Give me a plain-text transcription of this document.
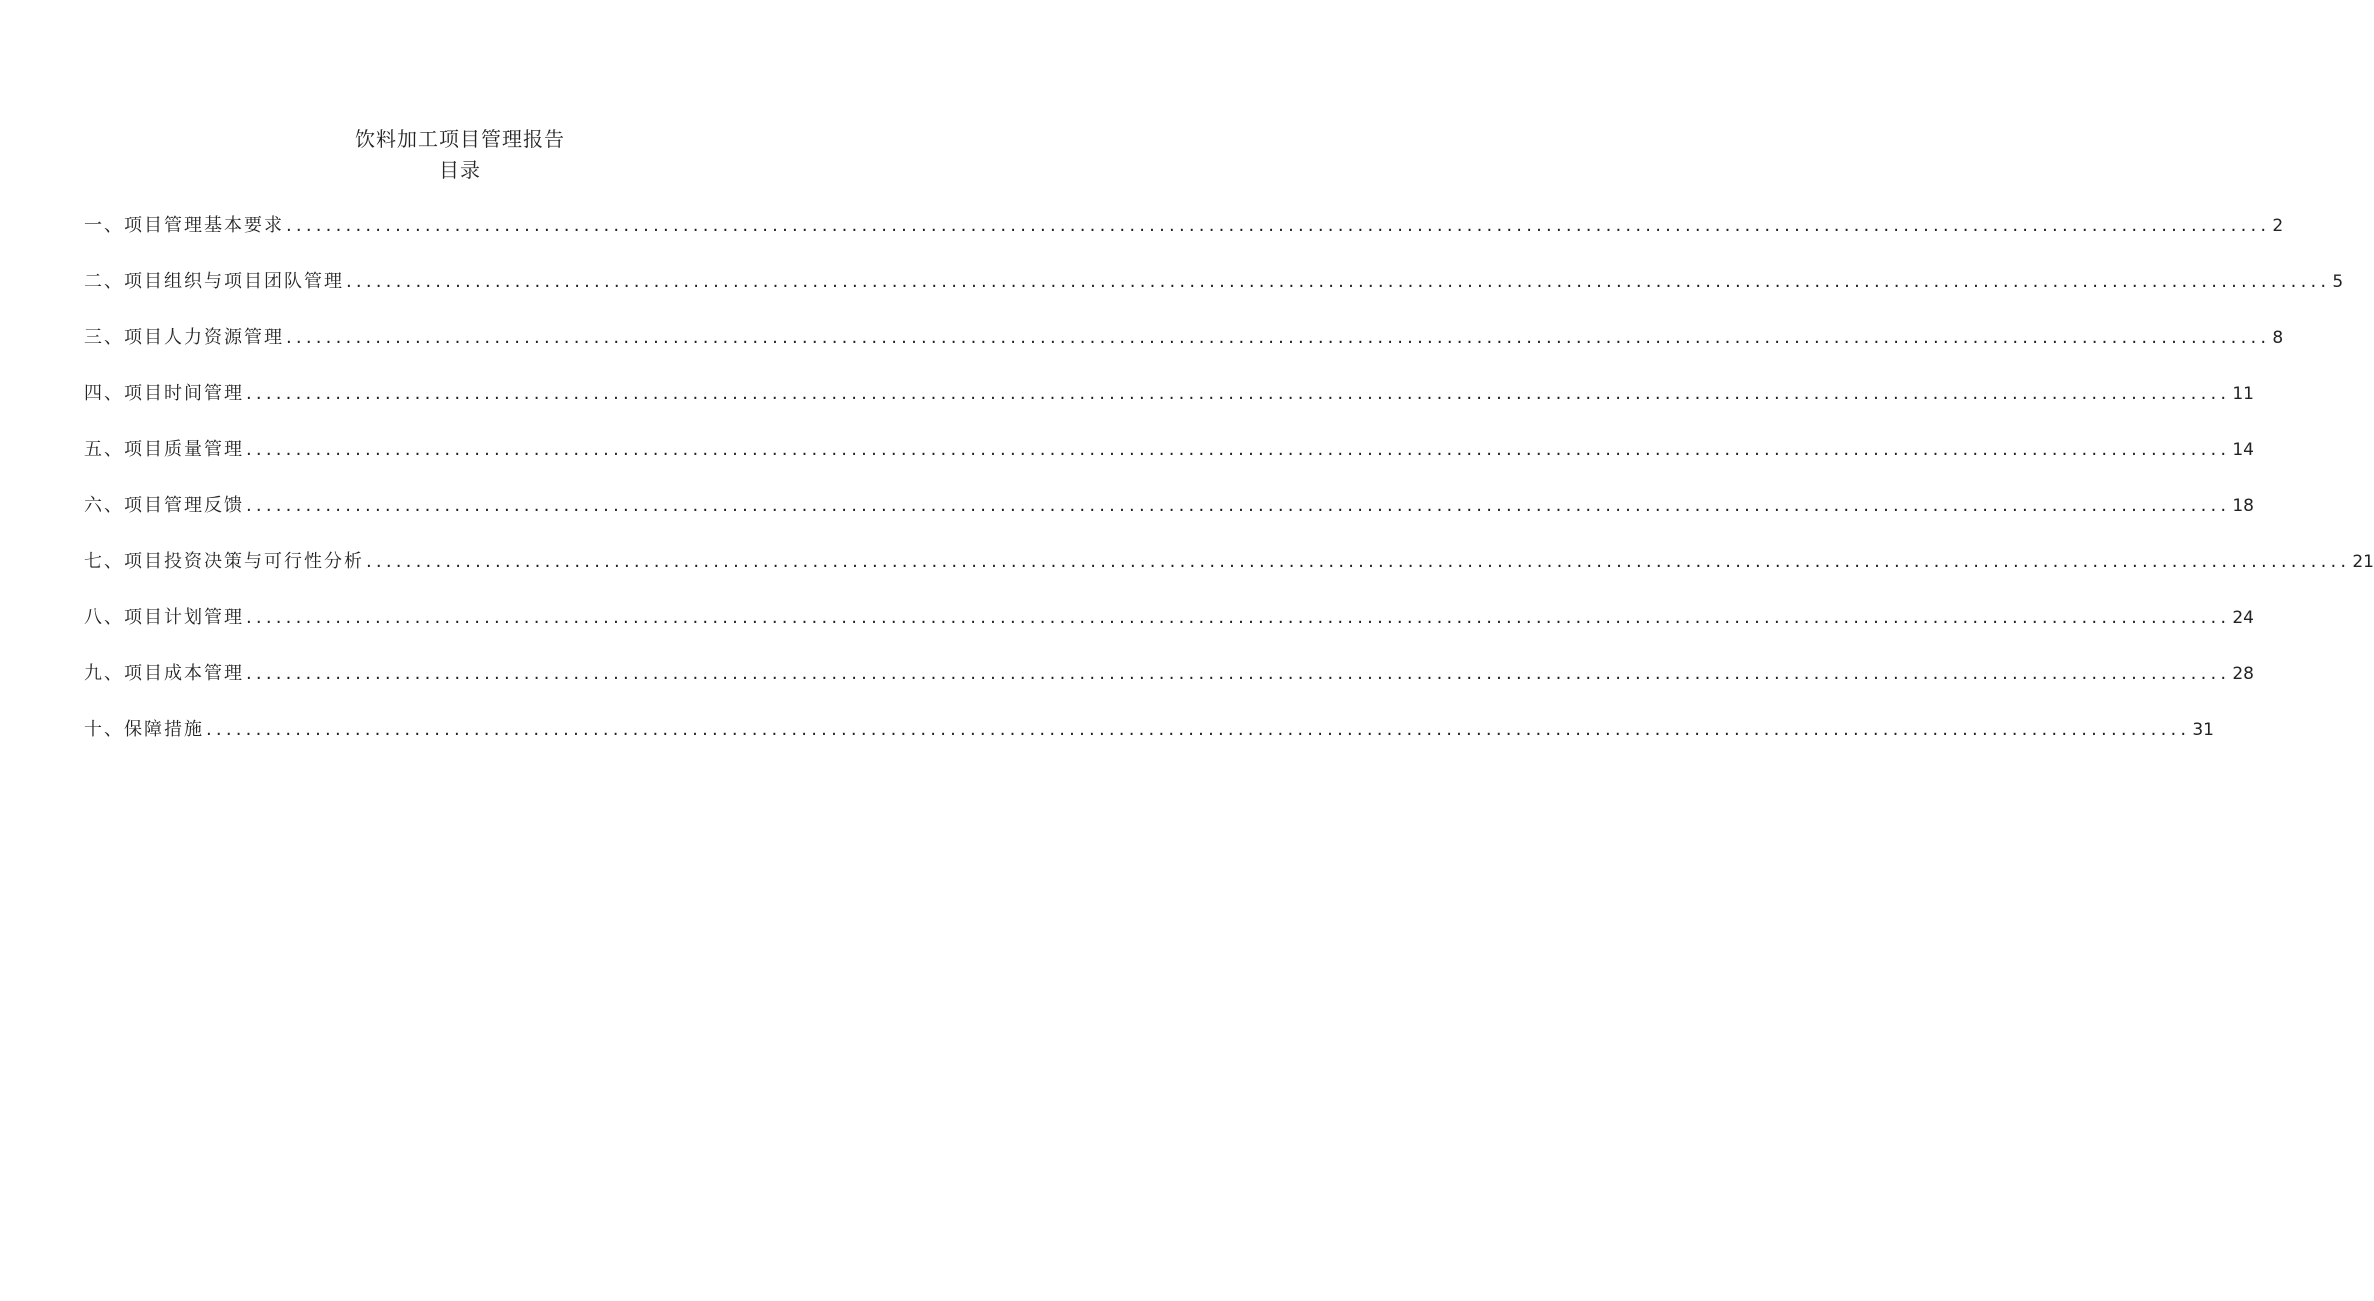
饮料加工项目管理报告
目录
一、项目管理基本要求 ........................................................................................................................................................................................................ 2
二、项目组织与项目团队管理 ........................................................................................................................................................................................................ 5
三、项目人力资源管理 ........................................................................................................................................................................................................ 8
四、项目时间管理 ........................................................................................................................................................................................................ 11
五、项目质量管理 ........................................................................................................................................................................................................ 14
六、项目管理反馈 ........................................................................................................................................................................................................ 18
七、项目投资决策与可行性分析 ........................................................................................................................................................................................................ 21
八、项目计划管理 ........................................................................................................................................................................................................ 24
九、项目成本管理 ........................................................................................................................................................................................................ 28
十、保障措施 ........................................................................................................................................................................................................ 31
